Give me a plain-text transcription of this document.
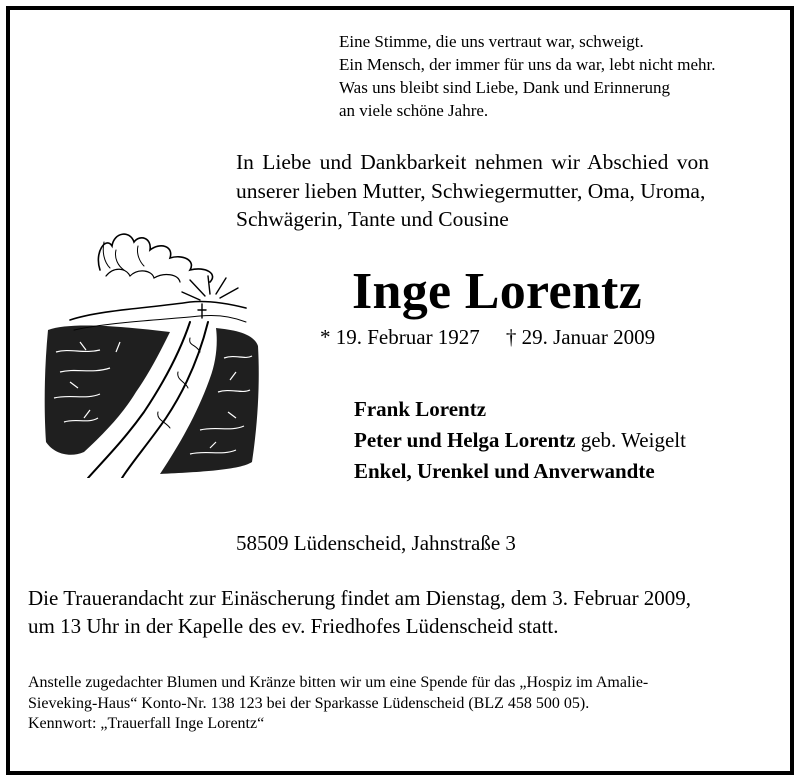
Eine Stimme, die uns vertraut war, schweigt.
Ein Mensch, der immer für uns da war, lebt nicht mehr.
Was uns bleibt sind Liebe, Dank und Erinnerung
an viele schöne Jahre.
In Liebe und Dankbarkeit nehmen wir Abschied von
unserer lieben Mutter, Schwiegermutter, Oma, Uroma,
Schwägerin, Tante und Cousine
Inge Lorentz
* 19. Februar 1927 † 29. Januar 2009
Frank Lorentz
Peter und Helga Lorentz geb. Weigelt
Enkel, Urenkel und Anverwandte
58509 Lüdenscheid, Jahnstraße 3
Die Trauerandacht zur Einäscherung findet am Dienstag, dem 3. Februar 2009,
um 13 Uhr in der Kapelle des ev. Friedhofes Lüdenscheid statt.
Anstelle zugedachter Blumen und Kränze bitten wir um eine Spende für das „Hospiz im Amalie-
Sieveking-Haus“ Konto-Nr. 138 123 bei der Sparkasse Lüdenscheid (BLZ 458 500 05).
Kennwort: „Trauerfall Inge Lorentz“
